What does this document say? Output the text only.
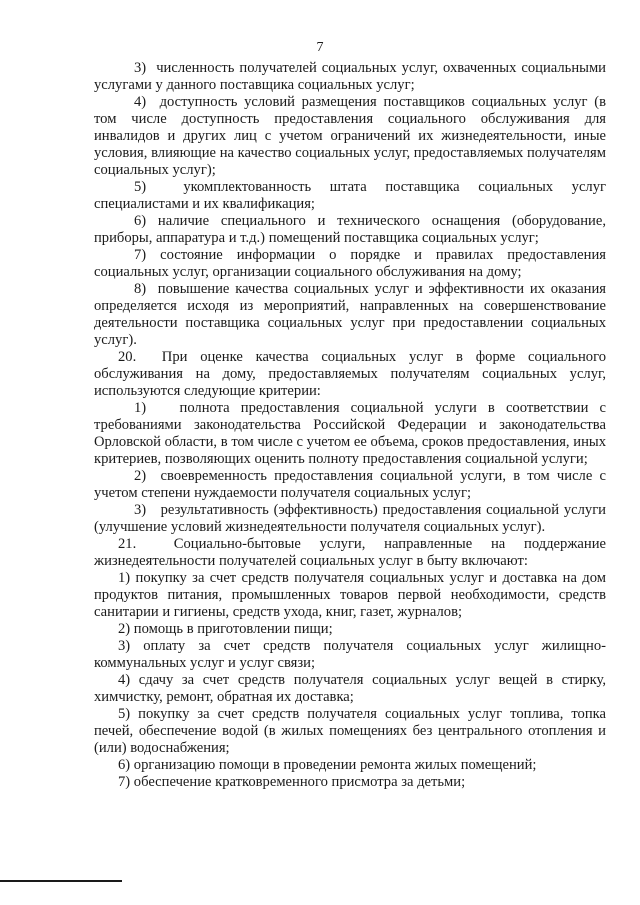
7

3)  численность получателей социальных услуг, охваченных социальными услугами у данного поставщика социальных услуг;

4)  доступность условий размещения поставщиков социальных услуг (в том числе доступность предоставления социального обслуживания для инвалидов и других лиц с учетом ограничений их жизнедеятельности, иные условия, влияющие на качество социальных услуг, предоставляемых получателям социальных услуг);

5)  укомплектованность штата поставщика социальных услуг специалистами и их квалификация;

6) наличие специального и технического оснащения (оборудование, приборы, аппаратура и т.д.) помещений поставщика социальных услуг;

7) состояние информации о порядке и правилах предоставления социальных услуг, организации социального обслуживания на дому;

8)  повышение качества социальных услуг и эффективности их оказания определяется исходя из мероприятий, направленных на совершенствование деятельности поставщика социальных услуг при предоставлении социальных услуг).

20.  При оценке качества социальных услуг в форме социального обслуживания на дому, предоставляемых получателям социальных услуг, используются следующие критерии:

1)   полнота предоставления социальной услуги в соответствии с требованиями законодательства Российской Федерации и законодательства Орловской области, в том числе с учетом ее объема, сроков предоставления, иных критериев, позволяющих оценить полноту предоставления социальной услуги;

2)  своевременность предоставления социальной услуги, в том числе с учетом степени нуждаемости получателя социальных услуг;

3)   результативность (эффективность) предоставления социальной услуги (улучшение условий жизнедеятельности получателя социальных услуг).

21.  Социально-бытовые услуги, направленные на поддержание жизнедеятельности получателей социальных услуг в быту включают:

1) покупку за счет средств получателя социальных услуг и доставка на дом продуктов питания, промышленных товаров первой необходимости, средств санитарии и гигиены, средств ухода, книг, газет, журналов;

2) помощь в приготовлении пищи;

3) оплату за счет средств получателя социальных услуг жилищно-коммунальных услуг и услуг связи;

4) сдачу за счет средств получателя социальных услуг вещей в стирку, химчистку, ремонт, обратная их доставка;

5) покупку за счет средств получателя социальных услуг топлива, топка печей, обеспечение водой (в жилых помещениях без центрального отопления и (или) водоснабжения;

6) организацию помощи в проведении ремонта жилых помещений;

7) обеспечение кратковременного присмотра за детьми;
